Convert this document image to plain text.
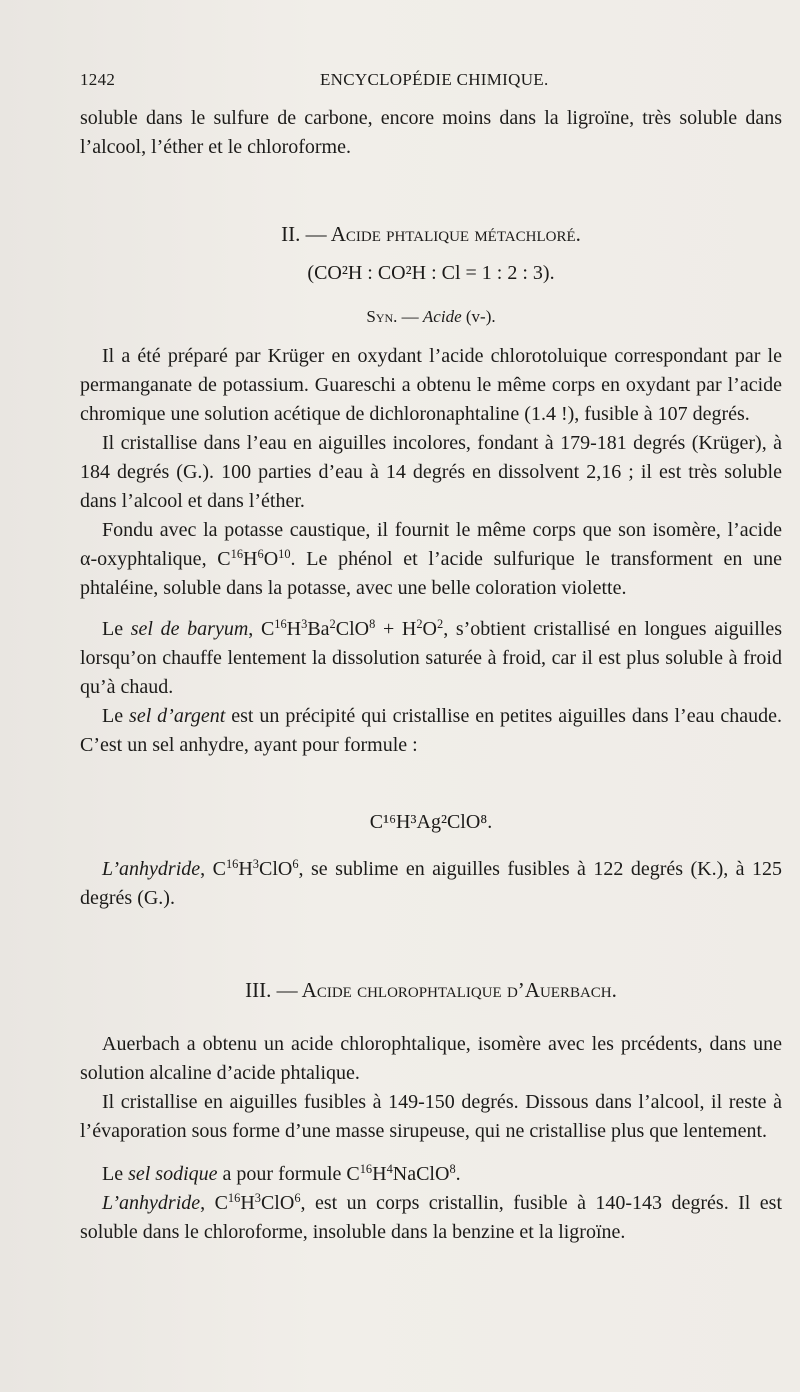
1242	ENCYCLOPÉDIE CHIMIQUE.

soluble dans le sulfure de carbone, encore moins dans la ligroïne, très soluble dans l’alcool, l’éther et le chloroforme.

II. — Acide phtalique métachloré.
(CO²H : CO²H : Cl = 1 : 2 : 3).
Syn. — Acide (v-).

Il a été préparé par Krüger en oxydant l’acide chlorotoluique correspondant par le permanganate de potassium. Guareschi a obtenu le même corps en oxydant par l’acide chromique une solution acétique de dichloronaphtaline (1.4 !), fusible à 107 degrés.

Il cristallise dans l’eau en aiguilles incolores, fondant à 179-181 degrés (Krüger), à 184 degrés (G.). 100 parties d’eau à 14 degrés en dissolvent 2,16 ; il est très soluble dans l’alcool et dans l’éther.

Fondu avec la potasse caustique, il fournit le même corps que son isomère, l’acide α-oxyphtalique, $C^{16}H^6O^{10}$. Le phénol et l’acide sulfurique le transforment en une phtaléine, soluble dans la potasse, avec une belle coloration violette.

Le sel de baryum, $C^{16}H^3Ba^2ClO^8 + H^2O^2$, s’obtient cristallisé en longues aiguilles lorsqu’on chauffe lentement la dissolution saturée à froid, car il est plus soluble à froid qu’à chaud.

Le sel d’argent est un précipité qui cristallise en petites aiguilles dans l’eau chaude. C’est un sel anhydre, ayant pour formule :

C¹⁶H³Ag²ClO⁸.

L’anhydride, $C^{16}H^3ClO^6$, se sublime en aiguilles fusibles à 122 degrés (K.), à 125 degrés (G.).

III. — Acide chlorophtalique d’Auerbach.

Auerbach a obtenu un acide chlorophtalique, isomère avec les prcédents, dans une solution alcaline d’acide phtalique.

Il cristallise en aiguilles fusibles à 149-150 degrés. Dissous dans l’alcool, il reste à l’évaporation sous forme d’une masse sirupeuse, qui ne cristallise plus que lentement.

Le sel sodique a pour formule $C^{16}H^4NaClO^8$.

L’anhydride, $C^{16}H^3ClO^6$, est un corps cristallin, fusible à 140-143 degrés. Il est soluble dans le chloroforme, insoluble dans la benzine et la ligroïne.
